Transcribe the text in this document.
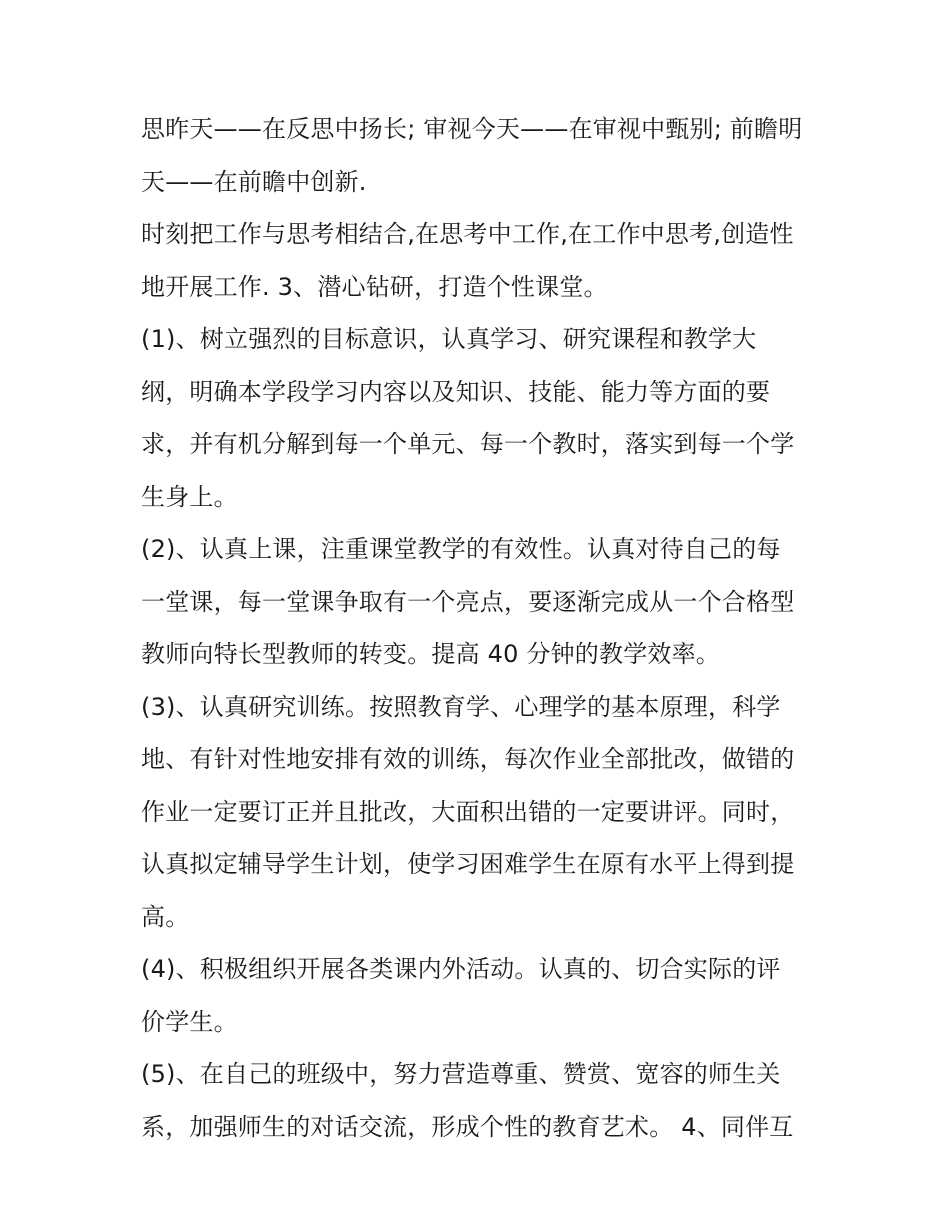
思昨天——在反思中扬长; 审视今天——在审视中甄别; 前瞻明
天——在前瞻中创新.
时刻把工作与思考相结合,在思考中工作,在工作中思考,创造性
地开展工作. 3、潜心钻研，打造个性课堂。
(1)、树立强烈的目标意识，认真学习、研究课程和教学大
纲，明确本学段学习内容以及知识、技能、能力等方面的要
求，并有机分解到每一个单元、每一个教时，落实到每一个学
生身上。
(2)、认真上课，注重课堂教学的有效性。认真对待自己的每
一堂课，每一堂课争取有一个亮点，要逐渐完成从一个合格型
教师向特长型教师的转变。提高 40 分钟的教学效率。
(3)、认真研究训练。按照教育学、心理学的基本原理，科学
地、有针对性地安排有效的训练，每次作业全部批改，做错的
作业一定要订正并且批改，大面积出错的一定要讲评。同时，
认真拟定辅导学生计划，使学习困难学生在原有水平上得到提
高。
(4)、积极组织开展各类课内外活动。认真的、切合实际的评
价学生。
(5)、在自己的班级中，努力营造尊重、赞赏、宽容的师生关
系，加强师生的对话交流，形成个性的教育艺术。 4、同伴互
